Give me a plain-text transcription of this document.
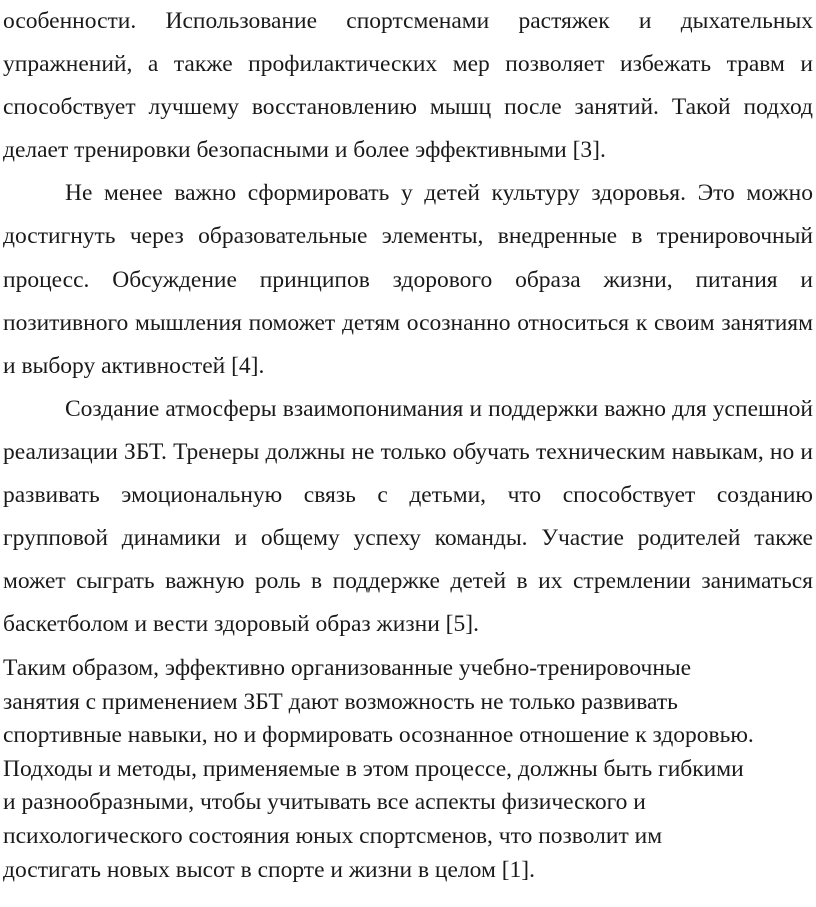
особенности. Использование спортсменами растяжек и дыхательных упражнений, а также профилактических мер позволяет избежать травм и способствует лучшему восстановлению мышц после занятий. Такой подход делает тренировки безопасными и более эффективными [3].

Не менее важно сформировать у детей культуру здоровья. Это можно достигнуть через образовательные элементы, внедренные в тренировочный процесс. Обсуждение принципов здорового образа жизни, питания и позитивного мышления поможет детям осознанно относиться к своим занятиям и выбору активностей [4].

Создание атмосферы взаимопонимания и поддержки важно для успешной реализации ЗБТ. Тренеры должны не только обучать техническим навыкам, но и развивать эмоциональную связь с детьми, что способствует созданию групповой динамики и общему успеху команды. Участие родителей также может сыграть важную роль в поддержке детей в их стремлении заниматься баскетболом и вести здоровый образ жизни [5].

Таким образом, эффективно организованные учебно-тренировочные

занятия с применением ЗБТ дают возможность не только развивать

спортивные навыки, но и формировать осознанное отношение к здоровью.

Подходы и методы, применяемые в этом процессе, должны быть гибкими

и разнообразными, чтобы учитывать все аспекты физического и

психологического состояния юных спортсменов, что позволит им

достигать новых высот в спорте и жизни в целом [1].
